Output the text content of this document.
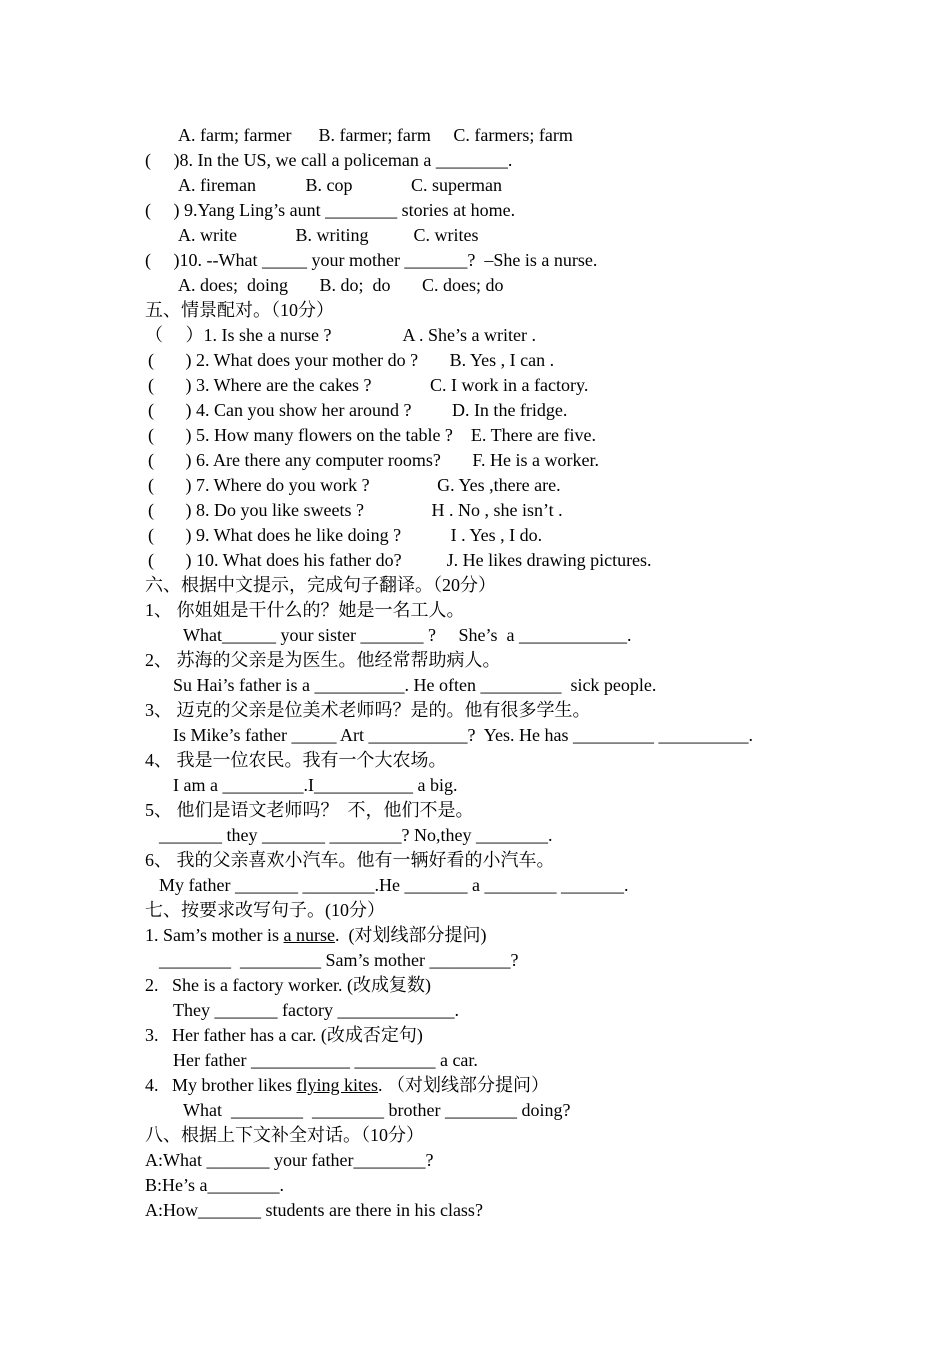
A. farm; farmer      B. farmer; farm     C. farmers; farm
(     )8. In the US, we call a policeman a ________.
A. fireman           B. cop             C. superman
(     ) 9.Yang Ling’s aunt ________ stories at home.
A. write             B. writing          C. writes
(     )10. --What _____ your mother _______?  –She is a nurse.
A. does;  doing       B. do;  do       C. does; do
五、情景配对。（10分）
（     ）1. Is she a nurse ?                A . She’s a writer .
(       ) 2. What does your mother do ?       B. Yes , I can .
(       ) 3. Where are the cakes ?             C. I work in a factory.
(       ) 4. Can you show her around ?         D. In the fridge.
(       ) 5. How many flowers on the table ?    E. There are five.
(       ) 6. Are there any computer rooms?       F. He is a worker.
(       ) 7. Where do you work ?               G. Yes ,there are.
(       ) 8. Do you like sweets ?               H . No , she isn’t .
(       ) 9. What does he like doing ?           I . Yes , I do.
(       ) 10. What does his father do?          J. He likes drawing pictures.
六、根据中文提示，完成句子翻译。（20分）
1、 你姐姐是干什么的？她是一名工人。
What______ your sister _______ ?     She’s  a ____________.
2、 苏海的父亲是为医生。他经常帮助病人。
Su Hai’s father is a __________. He often _________  sick people.
3、 迈克的父亲是位美术老师吗？是的。他有很多学生。
Is Mike’s father _____ Art ___________?  Yes. He has _________ __________.
4、 我是一位农民。我有一个大农场。
I am a _________.I___________ a big.
5、 他们是语文老师吗？  不，他们不是。
_______ they _______ ________? No,they ________.
6、 我的父亲喜欢小汽车。他有一辆好看的小汽车。
My father _______ ________.He _______ a ________ _______.
七、按要求改写句子。(10分）
1. Sam’s mother is a nurse.  (对划线部分提问)
________  _________ Sam’s mother _________?
2.   She is a factory worker. (改成复数)
They _______ factory _____________.
3.   Her father has a car. (改成否定句)
Her father ___________ _________ a car.
4.   My brother likes flying kites. （对划线部分提问）
What  ________  ________ brother ________ doing?
八、根据上下文补全对话。（10分）
A:What _______ your father________?
B:He’s a________.
A:How_______ students are there in his class?
